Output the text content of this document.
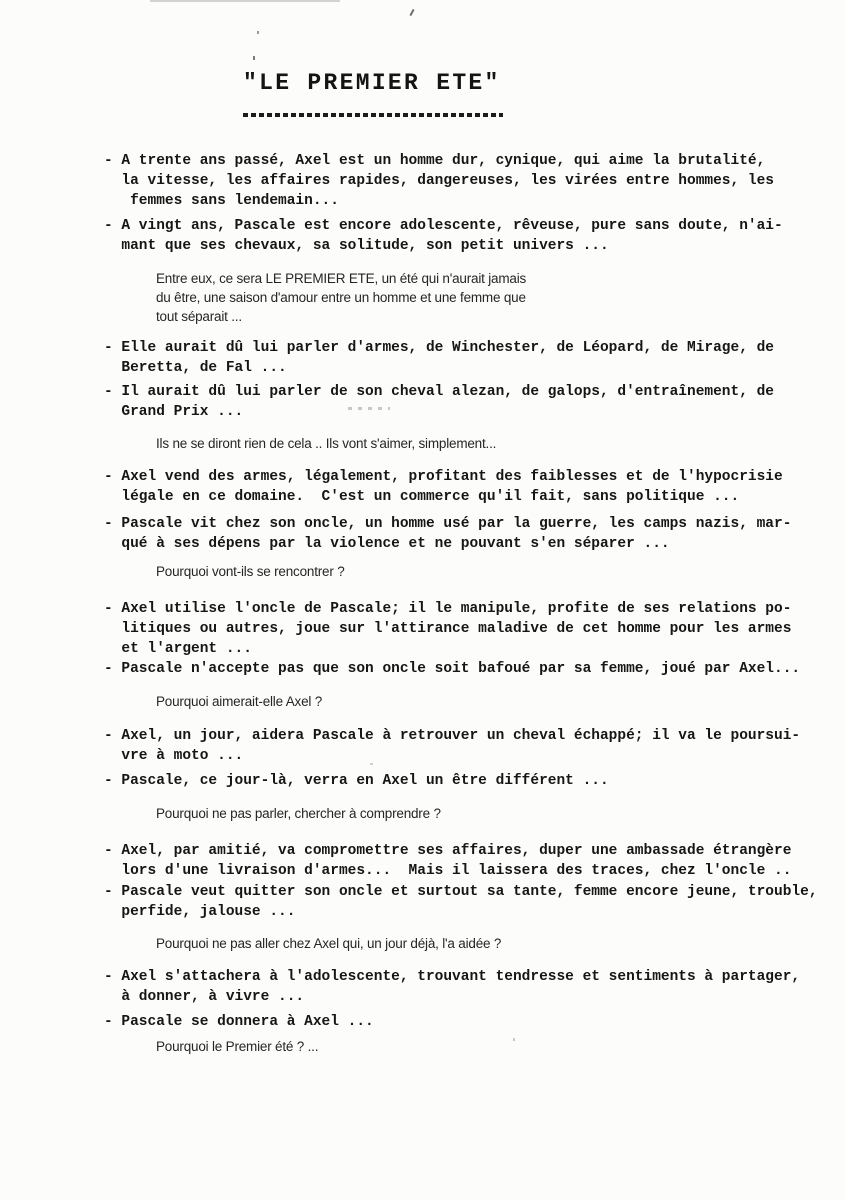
"LE PREMIER ETE"
- A trente ans passé, Axel est un homme dur, cynique, qui aime la brutalité,
la vitesse, les affaires rapides, dangereuses, les virées entre hommes, les
femmes sans lendemain...
- A vingt ans, Pascale est encore adolescente, rêveuse, pure sans doute, n'ai-
mant que ses chevaux, sa solitude, son petit univers ...
Entre eux, ce sera LE PREMIER ETE, un été qui n'aurait jamais
du être, une saison d'amour entre un homme et une femme que
tout séparait ...
- Elle aurait dû lui parler d'armes, de Winchester, de Léopard, de Mirage, de
Beretta, de Fal ...
- Il aurait dû lui parler de son cheval alezan, de galops, d'entraînement, de
Grand Prix ...
Ils ne se diront rien de cela .. Ils vont s'aimer, simplement...
- Axel vend des armes, légalement, profitant des faiblesses et de l'hypocrisie
légale en ce domaine.  C'est un commerce qu'il fait, sans politique ...
- Pascale vit chez son oncle, un homme usé par la guerre, les camps nazis, mar-
qué à ses dépens par la violence et ne pouvant s'en séparer ...
Pourquoi vont-ils se rencontrer ?
- Axel utilise l'oncle de Pascale; il le manipule, profite de ses relations po-
litiques ou autres, joue sur l'attirance maladive de cet homme pour les armes
et l'argent ...
- Pascale n'accepte pas que son oncle soit bafoué par sa femme, joué par Axel...
Pourquoi aimerait-elle Axel ?
- Axel, un jour, aidera Pascale à retrouver un cheval échappé; il va le poursui-
vre à moto ...
- Pascale, ce jour-là, verra en Axel un être différent ...
Pourquoi ne pas parler, chercher à comprendre ?
- Axel, par amitié, va compromettre ses affaires, duper une ambassade étrangère
lors d'une livraison d'armes...  Mais il laissera des traces, chez l'oncle ..
- Pascale veut quitter son oncle et surtout sa tante, femme encore jeune, trouble,
perfide, jalouse ...
Pourquoi ne pas aller chez Axel qui, un jour déjà, l'a aidée ?
- Axel s'attachera à l'adolescente, trouvant tendresse et sentiments à partager,
à donner, à vivre ...
- Pascale se donnera à Axel ...
Pourquoi le Premier été ? ...
